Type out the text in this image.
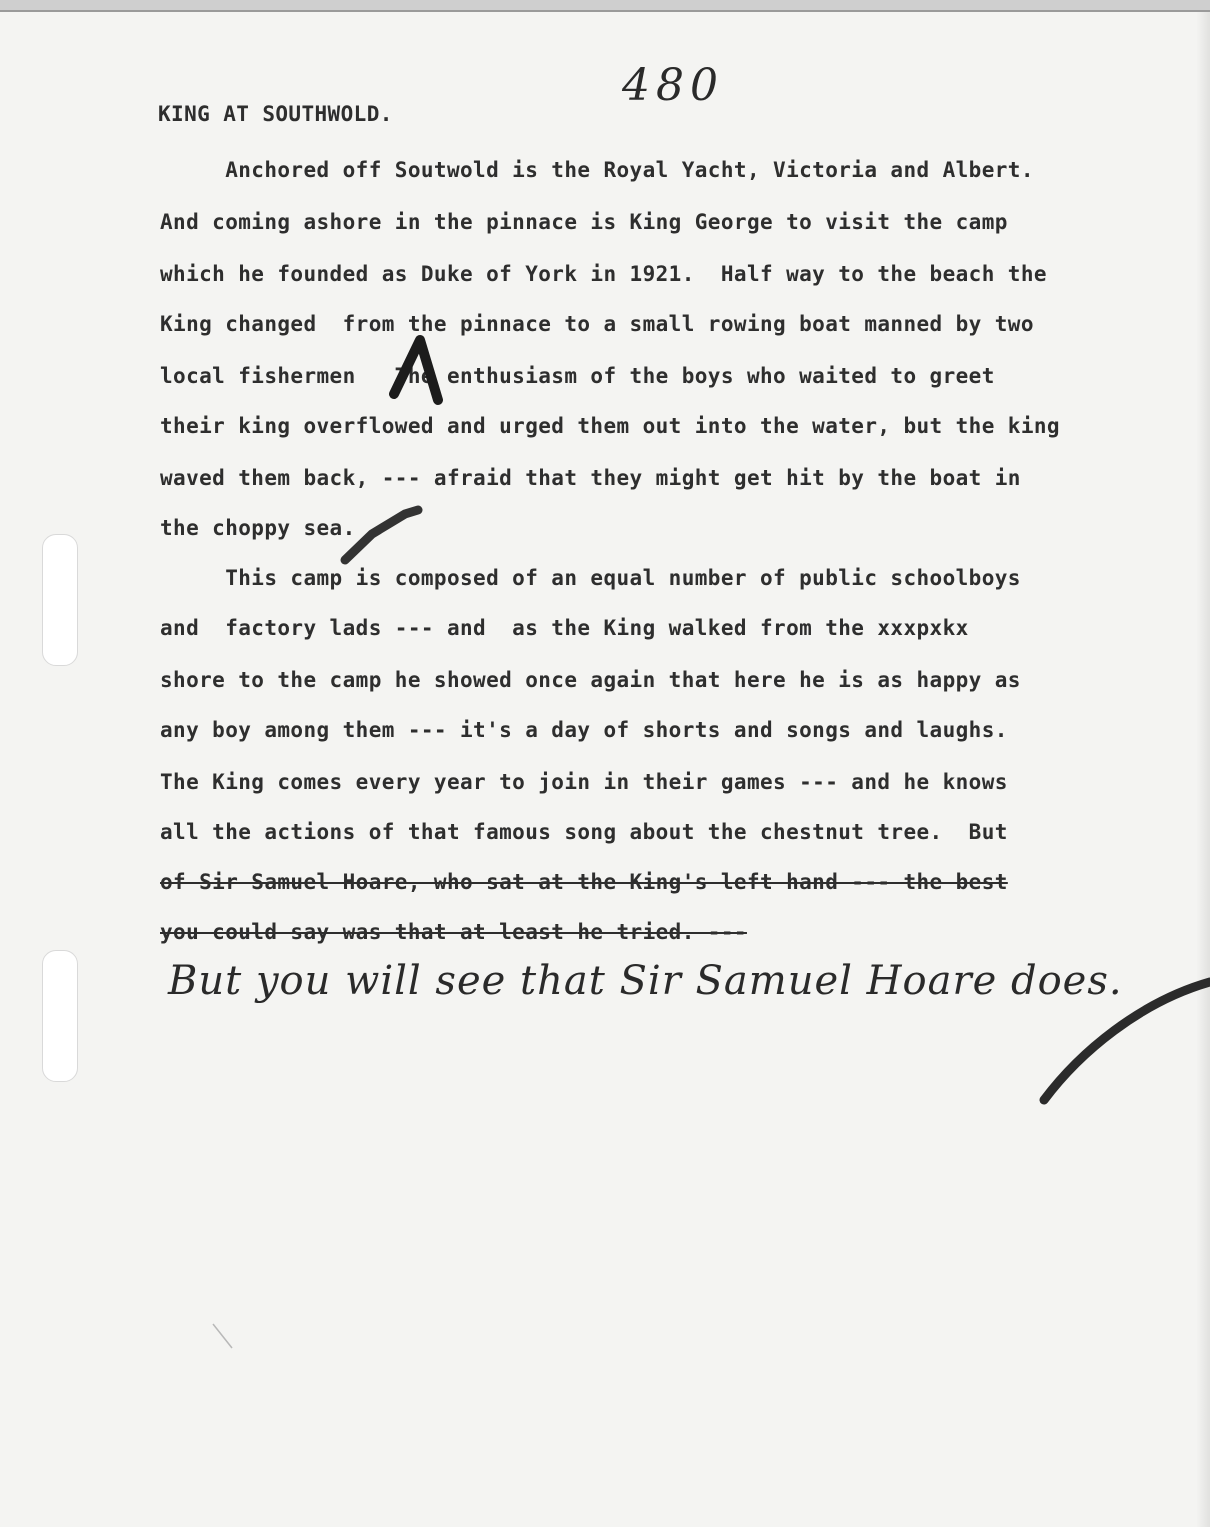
480
KING AT SOUTHWOLD.
Anchored off Soutwold is the Royal Yacht, Victoria and Albert.
And coming ashore in the pinnace is King George to visit the camp
which he founded as Duke of York in 1921.  Half way to the beach the
King changed  from the pinnace to a small rowing boat manned by two
local fishermen   The enthusiasm of the boys who waited to greet
their king overflowed and urged them out into the water, but the king
waved them back, --- afraid that they might get hit by the boat in
the choppy sea.
This camp is composed of an equal number of public schoolboys
and  factory lads --- and  as the King walked from the xxxpxkx
shore to the camp he showed once again that here he is as happy as
any boy among them --- it's a day of shorts and songs and laughs.
The King comes every year to join in their games --- and he knows
all the actions of that famous song about the chestnut tree.  But
of Sir Samuel Hoare, who sat at the King's left hand --- the best
you could say was that at least he tried. ---
But you will see that Sir Samuel Hoare does.
